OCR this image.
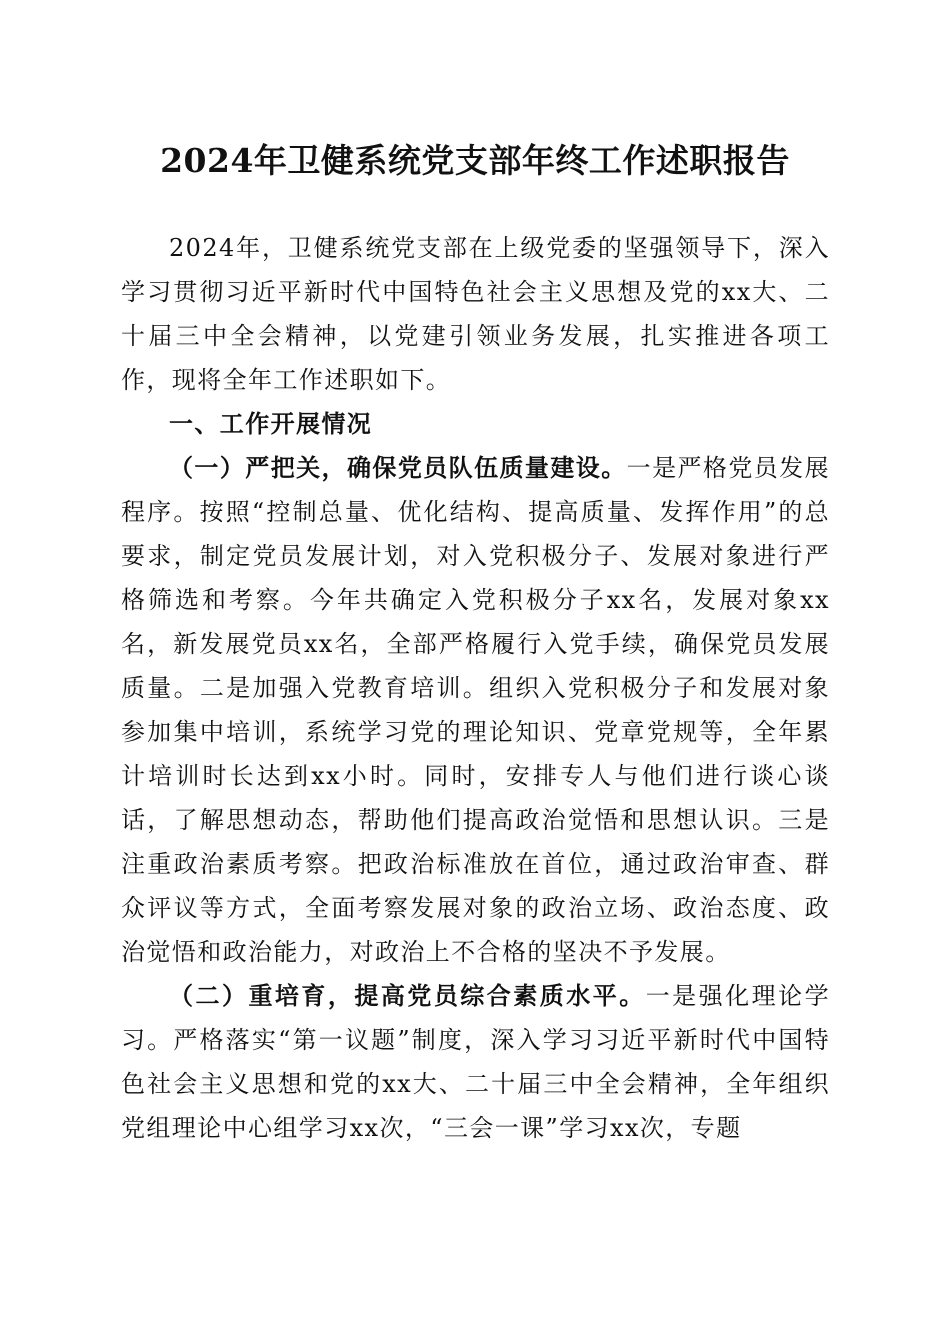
2024年卫健系统党支部年终工作述职报告

2024年，卫健系统党支部在上级党委的坚强领导下，深入学习贯彻习近平新时代中国特色社会主义思想及党的xx大、二十届三中全会精神，以党建引领业务发展，扎实推进各项工作，现将全年工作述职如下。

一、工作开展情况

（一）严把关，确保党员队伍质量建设。一是严格党员发展程序。按照“控制总量、优化结构、提高质量、发挥作用”的总要求，制定党员发展计划，对入党积极分子、发展对象进行严格筛选和考察。今年共确定入党积极分子xx名，发展对象xx名，新发展党员xx名，全部严格履行入党手续，确保党员发展质量。二是加强入党教育培训。组织入党积极分子和发展对象参加集中培训，系统学习党的理论知识、党章党规等，全年累计培训时长达到xx小时。同时，安排专人与他们进行谈心谈话，了解思想动态，帮助他们提高政治觉悟和思想认识。三是注重政治素质考察。把政治标准放在首位，通过政治审查、群众评议等方式，全面考察发展对象的政治立场、政治态度、政治觉悟和政治能力，对政治上不合格的坚决不予发展。

（二）重培育，提高党员综合素质水平。一是强化理论学习。严格落实“第一议题”制度，深入学习习近平新时代中国特色社会主义思想和党的xx大、二十届三中全会精神，全年组织党组理论中心组学习xx次，“三会一课”学习xx次，专题
